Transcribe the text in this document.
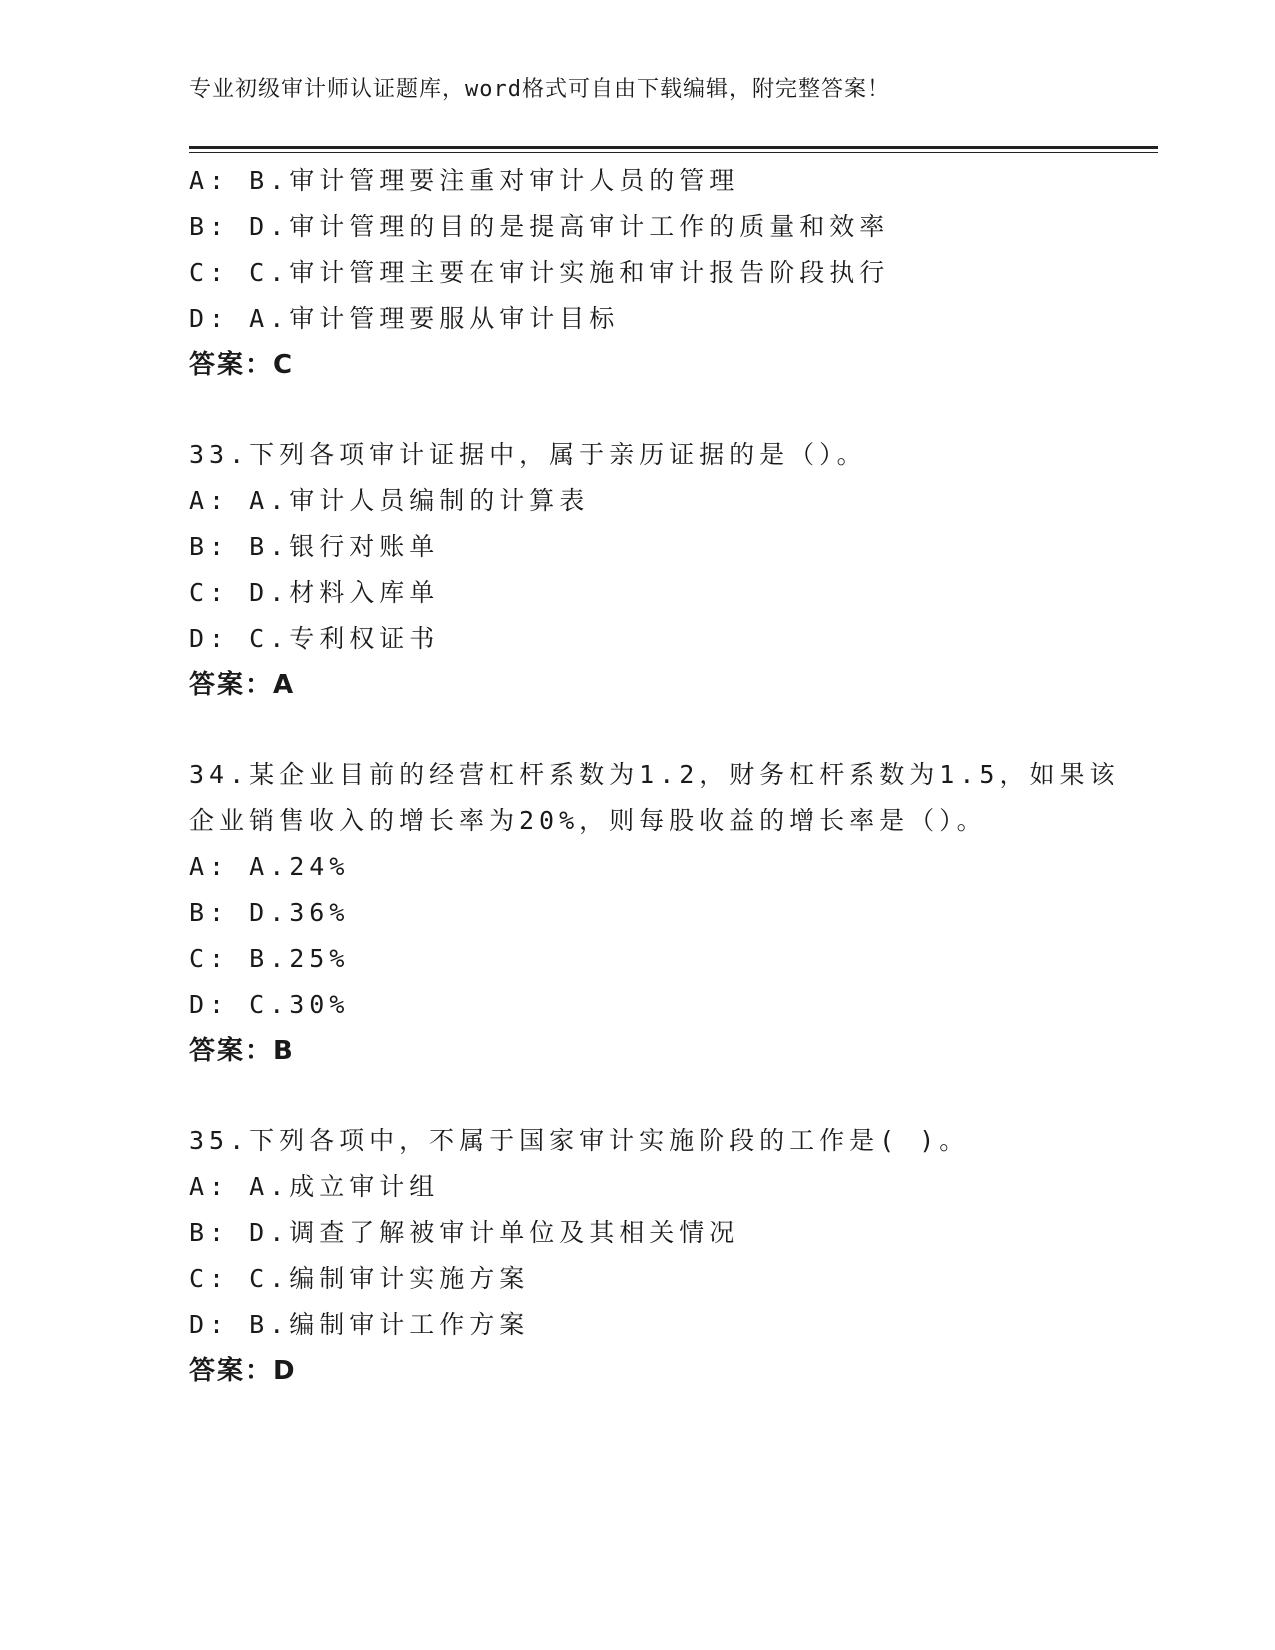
专业初级审计师认证题库，word格式可自由下载编辑，附完整答案！
A: B.审计管理要注重对审计人员的管理
B: D.审计管理的目的是提高审计工作的质量和效率
C: C.审计管理主要在审计实施和审计报告阶段执行
D: A.审计管理要服从审计目标
答案：C
33.下列各项审计证据中，属于亲历证据的是（）。
A: A.审计人员编制的计算表
B: B.银行对账单
C: D.材料入库单
D: C.专利权证书
答案：A
34.某企业目前的经营杠杆系数为1.2，财务杠杆系数为1.5，如果该
企业销售收入的增长率为20%，则每股收益的增长率是（）。
A: A.24%
B: D.36%
C: B.25%
D: C.30%
答案：B
35.下列各项中，不属于国家审计实施阶段的工作是( )。
A: A.成立审计组
B: D.调查了解被审计单位及其相关情况
C: C.编制审计实施方案
D: B.编制审计工作方案
答案：D
